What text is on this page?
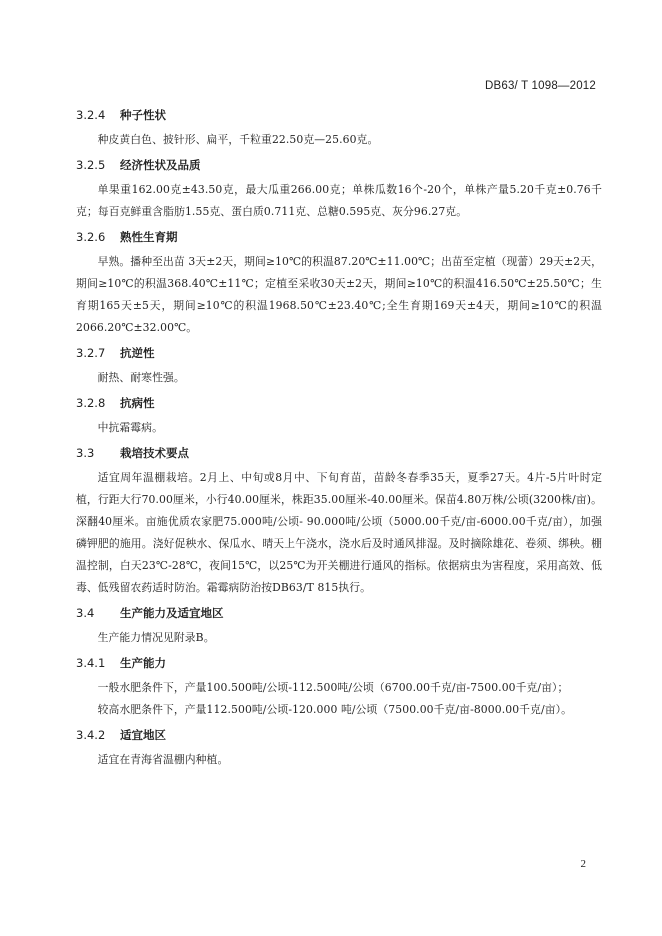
DB63/ T 1098—2012
3.2.4 种子性状

种皮黄白色、披针形、扁平，千粒重22.50克—25.60克。

3.2.5 经济性状及品质

单果重162.00克±43.50克，最大瓜重266.00克；单株瓜数16个-20个，单株产量5.20千克±0.76千克；每百克鲜重含脂肪1.55克、蛋白质0.711克、总糖0.595克、灰分96.27克。

3.2.6 熟性生育期

早熟。播种至出苗 3天±2天，期间≥10℃的积温87.20℃±11.00℃；出苗至定植（现蕾）29天±2天，期间≥10℃的积温368.40℃±11℃；定植至采收30天±2天，期间≥10℃的积温416.50℃±25.50℃；生育期165天±5天，期间≥10℃的积温1968.50℃±23.40℃;全生育期169天±4天，期间≥10℃的积温2066.20℃±32.00℃。

3.2.7 抗逆性

耐热、耐寒性强。

3.2.8 抗病性

中抗霜霉病。

3.3 栽培技术要点

适宜周年温棚栽培。2月上、中旬或8月中、下旬育苗，苗龄冬春季35天，夏季27天。4片-5片叶时定植，行距大行70.00厘米，小行40.00厘米，株距35.00厘米-40.00厘米。保苗4.80万株/公顷(3200株/亩)。深翻40厘米。亩施优质农家肥75.000吨/公顷- 90.000吨/公顷（5000.00千克/亩-6000.00千克/亩），加强磷钾肥的施用。浇好促秧水、保瓜水、晴天上午浇水，浇水后及时通风排湿。及时摘除雄花、卷须、绑秧。棚温控制，白天23℃-28℃，夜间15℃，以25℃为开关棚进行通风的指标。依据病虫为害程度，采用高效、低毒、低残留农药适时防治。霜霉病防治按DB63/T 815执行。

3.4 生产能力及适宜地区

生产能力情况见附录B。

3.4.1 生产能力

一般水肥条件下，产量100.500吨/公顷-112.500吨/公顷（6700.00千克/亩-7500.00千克/亩）；

较高水肥条件下，产量112.500吨/公顷-120.000 吨/公顷（7500.00千克/亩-8000.00千克/亩）。

3.4.2 适宜地区

适宜在青海省温棚内种植。

2
